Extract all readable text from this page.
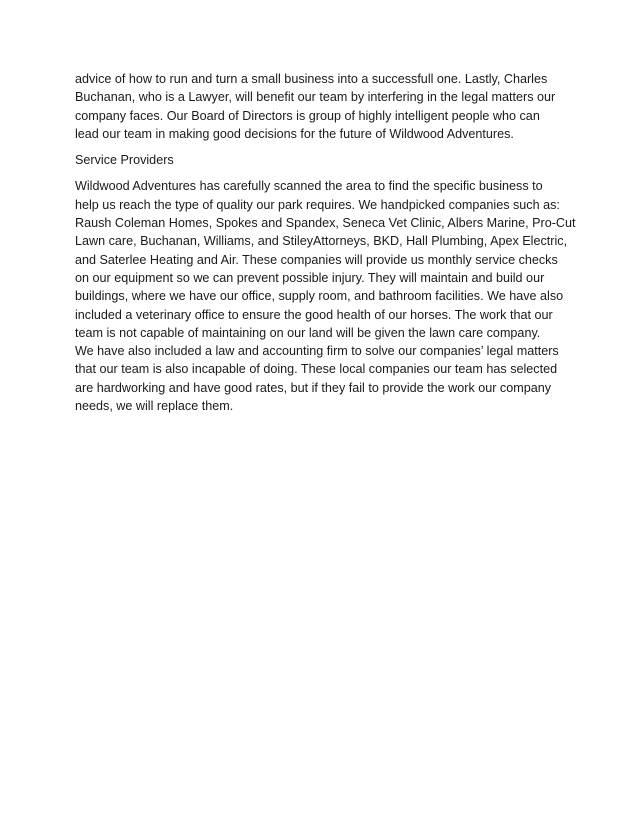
advice of how to run and turn a small business into a successfull one. Lastly, Charles
Buchanan, who is a Lawyer, will benefit our team by interfering in the legal matters our
company faces. Our Board of Directors is group of highly intelligent people who can
lead our team in making good decisions for the future of Wildwood Adventures.
Service Providers
Wildwood Adventures has carefully scanned the area to find the specific business to
help us reach the type of quality our park requires. We handpicked companies such as:
Raush Coleman Homes, Spokes and Spandex, Seneca Vet Clinic, Albers Marine, Pro-Cut
Lawn care, Buchanan, Williams, and StileyAttorneys, BKD, Hall Plumbing, Apex Electric,
and Saterlee Heating and Air. These companies will provide us monthly service checks
on our equipment so we can prevent possible injury. They will maintain and build our
buildings, where we have our office, supply room, and bathroom facilities. We have also
included a veterinary office to ensure the good health of our horses. The work that our
team is not capable of maintaining on our land will be given the lawn care company.
We have also included a law and accounting firm to solve our companies’ legal matters
that our team is also incapable of doing. These local companies our team has selected
are hardworking and have good rates, but if they fail to provide the work our company
needs, we will replace them.
